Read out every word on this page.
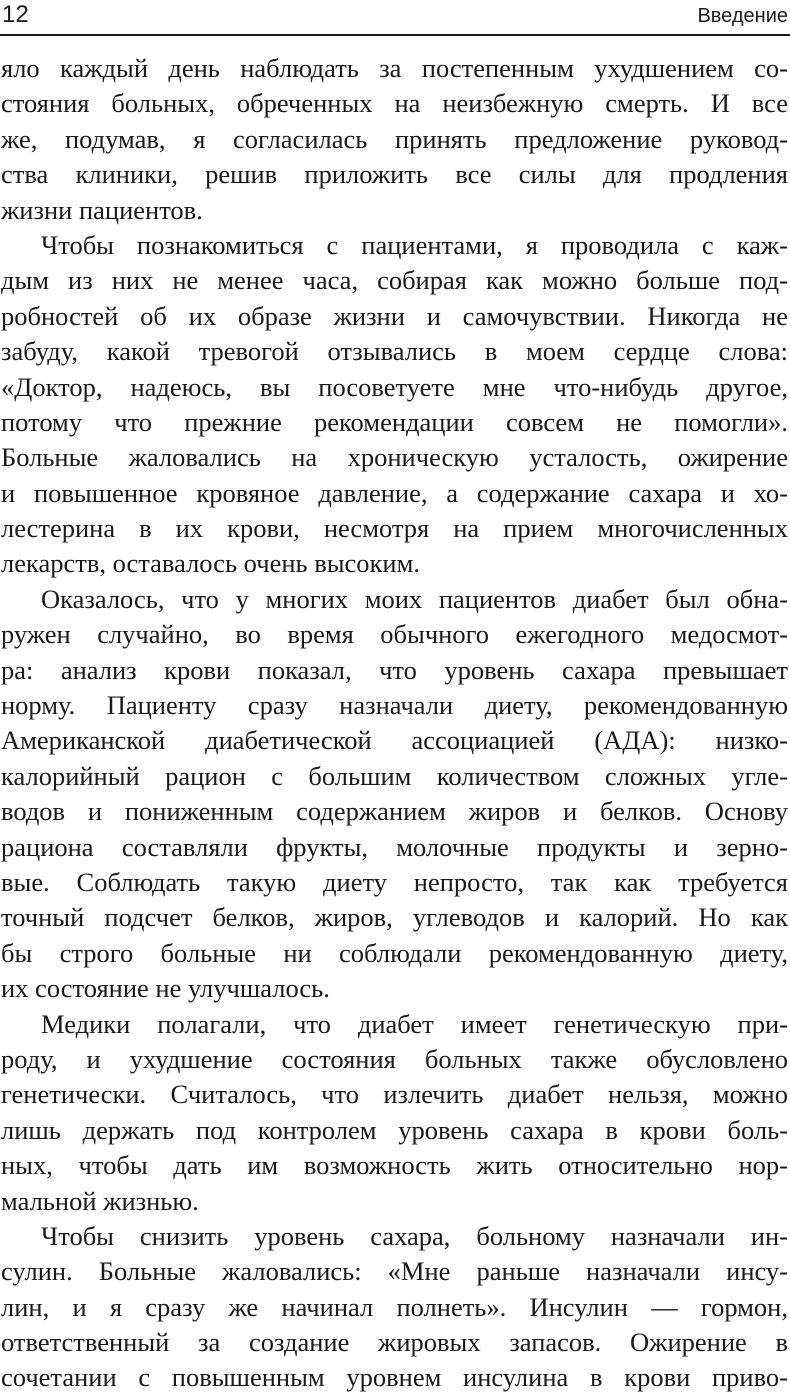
12	Введение
яло каждый день наблюдать за постепенным ухудшением со-
стояния больных, обреченных на неизбежную смерть. И все
же, подумав, я согласилась принять предложение руковод-
ства клиники, решив приложить все силы для продления
жизни пациентов.
Чтобы познакомиться с пациентами, я проводила с каж-
дым из них не менее часа, собирая как можно больше под-
робностей об их образе жизни и самочувствии. Никогда не
забуду, какой тревогой отзывались в моем сердце слова:
«Доктор, надеюсь, вы посоветуете мне что-нибудь другое,
потому что прежние рекомендации совсем не помогли».
Больные жаловались на хроническую усталость, ожирение
и повышенное кровяное давление, а содержание сахара и хо-
лестерина в их крови, несмотря на прием многочисленных
лекарств, оставалось очень высоким.
Оказалось, что у многих моих пациентов диабет был обна-
ружен случайно, во время обычного ежегодного медосмот-
ра: анализ крови показал, что уровень сахара превышает
норму. Пациенту сразу назначали диету, рекомендованную
Американской диабетической ассоциацией (АДА): низко-
калорийный рацион с большим количеством сложных угле-
водов и пониженным содержанием жиров и белков. Основу
рациона составляли фрукты, молочные продукты и зерно-
вые. Соблюдать такую диету непросто, так как требуется
точный подсчет белков, жиров, углеводов и калорий. Но как
бы строго больные ни соблюдали рекомендованную диету,
их состояние не улучшалось.
Медики полагали, что диабет имеет генетическую при-
роду, и ухудшение состояния больных также обусловлено
генетически. Считалось, что излечить диабет нельзя, можно
лишь держать под контролем уровень сахара в крови боль-
ных, чтобы дать им возможность жить относительно нор-
мальной жизнью.
Чтобы снизить уровень сахара, больному назначали ин-
сулин. Больные жаловались: «Мне раньше назначали инсу-
лин, и я сразу же начинал полнеть». Инсулин — гормон,
ответственный за создание жировых запасов. Ожирение в
сочетании с повышенным уровнем инсулина в крови приво-
